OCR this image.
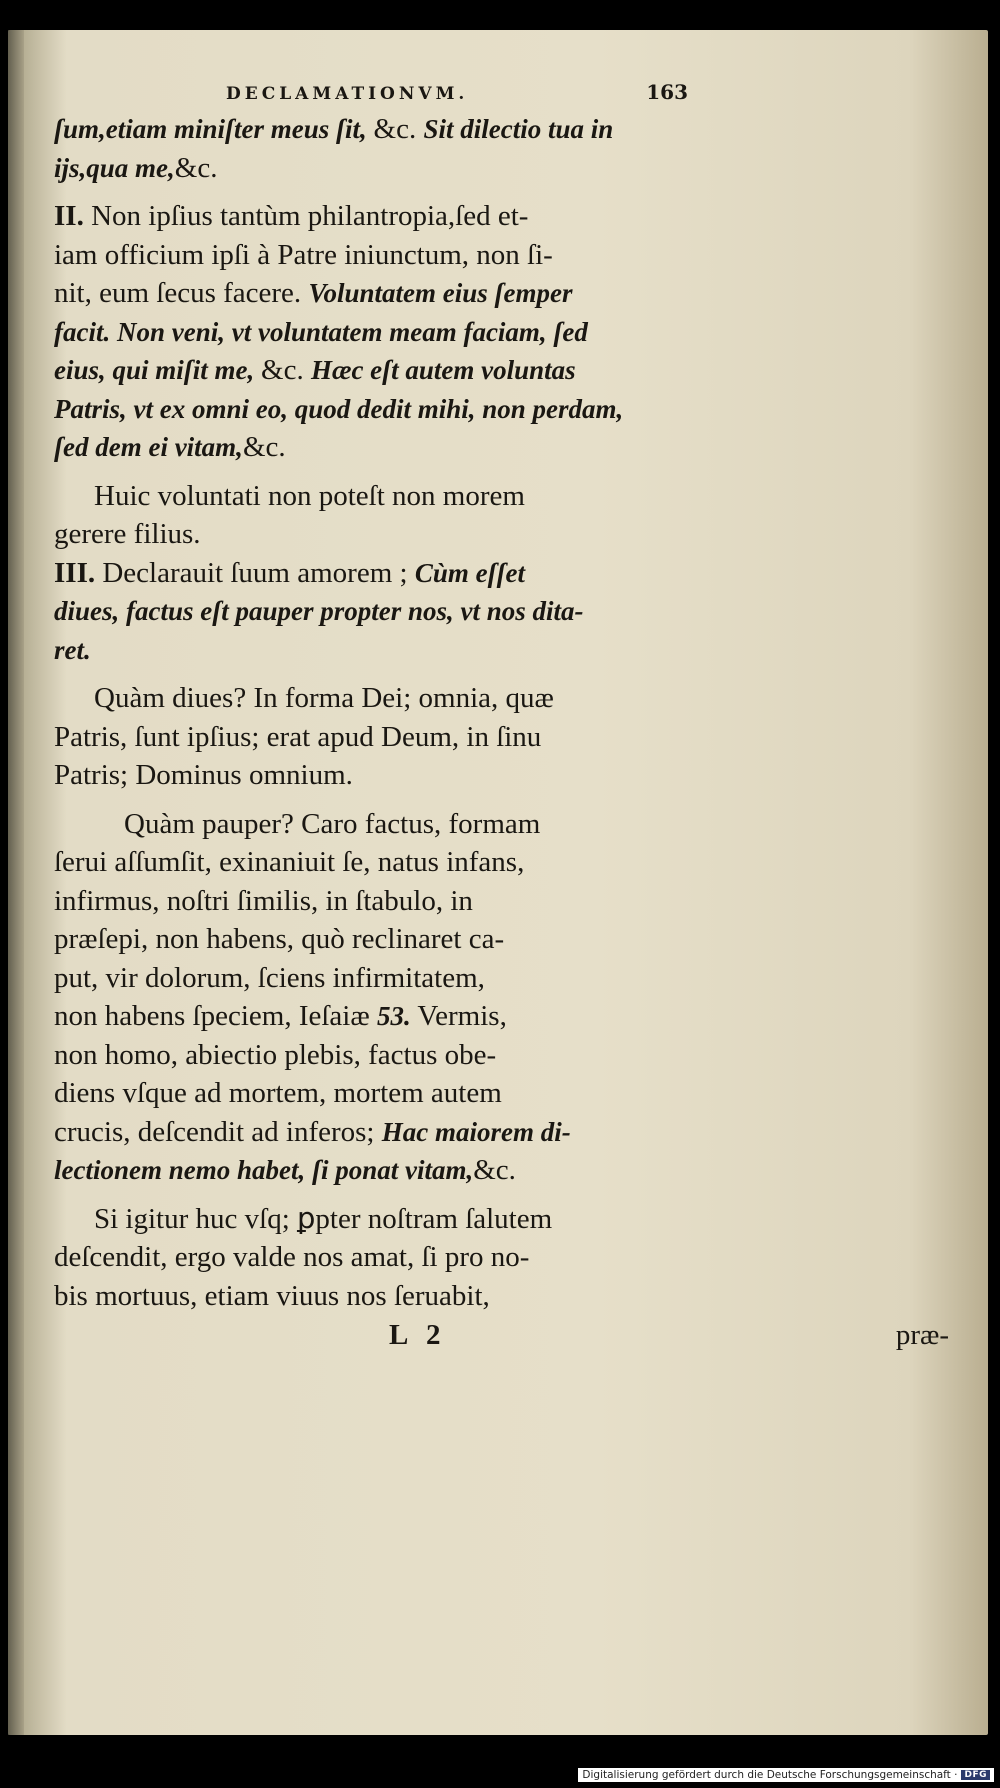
DECLAMATIONVM.	163
ſum,etiam miniſter meus ſit, &c. Sit dilectio tua in
ijs,qua me,&c.
II. Non ipſius tantùm philantropia,ſed et-
iam officium ipſi à Patre iniunctum, non ſi-
nit, eum ſecus facere. Voluntatem eius ſemper
facit. Non veni, vt voluntatem meam faciam, ſed
eius, qui miſit me, &c. Hæc eſt autem voluntas
Patris, vt ex omni eo, quod dedit mihi, non perdam,
ſed dem ei vitam,&c.
Huic voluntati non poteſt non morem
gerere filius.
III. Declarauit ſuum amorem ; Cùm eſſet
diues, factus eſt pauper propter nos, vt nos dita-
ret.
Quàm diues? In forma Dei; omnia, quæ
Patris, ſunt ipſius; erat apud Deum, in ſinu
Patris; Dominus omnium.
Quàm pauper? Caro factus, formam
ſerui aſſumſit, exinaniuit ſe, natus infans,
infirmus, noſtri ſimilis, in ſtabulo, in
præſepi, non habens, quò reclinaret ca-
put, vir dolorum, ſciens infirmitatem,
non habens ſpeciem, Ieſaiæ 53. Vermis,
non homo, abiectio plebis, factus obe-
diens vſque ad mortem, mortem autem
crucis, deſcendit ad inferos; Hac maiorem di-
lectionem nemo habet, ſi ponat vitam,&c.
Si igitur huc vſq; ꝑpter noſtram ſalutem
deſcendit, ergo valde nos amat, ſi pro no-
bis mortuus, etiam viuus nos ſeruabit,
L 2	præ-
Digitalisierung gefördert durch die Deutsche Forschungsgemeinschaft · DFG
